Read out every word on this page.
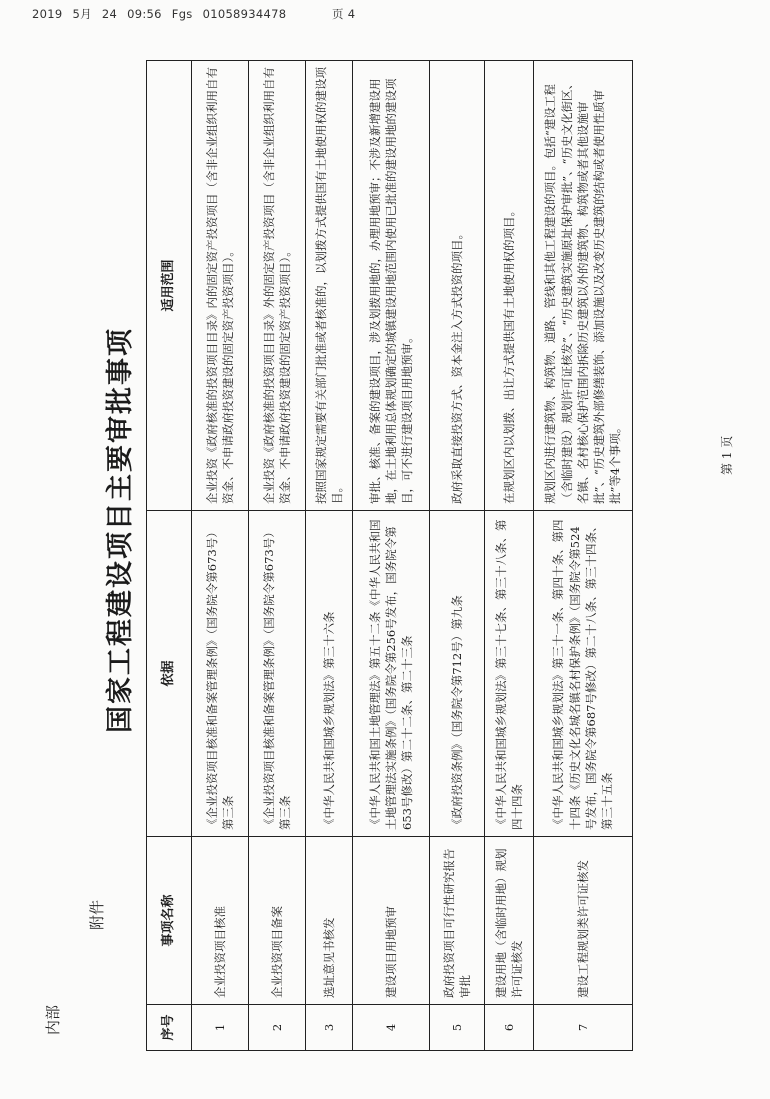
2019 5月 24 09:56 Fgs 01058934478	页 4
内部
附件
国家工程建设项目主要审批事项
序号	事项名称	依据	适用范围
1	企业投资项目核准	《企业投资项目核准和备案管理条例》（国务院令第673号）第三条	企业投资《政府核准的投资项目目录》内的固定资产投资项目（含非企业组织利用自有资金、不申请政府投资建设的固定资产投资项目）。
2	企业投资项目备案	《企业投资项目核准和备案管理条例》（国务院令第673号）第三条	企业投资《政府核准的投资项目目录》外的固定资产投资项目（含非企业组织利用自有资金、不申请政府投资建设的固定资产投资项目）。
3	选址意见书核发	《中华人民共和国城乡规划法》第三十六条	按照国家规定需要有关部门批准或者核准的，以划拨方式提供国有土地使用权的建设项目。
4	建设项目用地预审	《中华人民共和国土地管理法》第五十二条《中华人民共和国土地管理法实施条例》（国务院令第256号发布，国务院令第653号修改）第二十二条、第二十三条	审批、核准、备案的建设项目，涉及划拨用地的，办理用地预审；不涉及新增建设用地，在土地利用总体规划确定的城镇建设用地范围内使用已批准的建设用地的建设项目，可不进行建设项目用地预审。
5	政府投资项目可行性研究报告审批	《政府投资条例》（国务院令第712号）第九条	政府采取直接投资方式、资本金注入方式投资的项目。
6	建设用地（含临时用地）规划许可证核发	《中华人民共和国城乡规划法》第三十七条、第三十八条、第四十四条	在规划区内以划拨、出让方式提供国有土地使用权的项目。
7	建设工程规划类许可证核发	《中华人民共和国城乡规划法》第三十一条、第四十条、第四十四条《历史文化名城名镇名村保护条例》（国务院令第524号发布，国务院令第687号修改）第二十八条、第三十四条、第三十五条	规划区内进行建筑物、构筑物、道路、管线和其他工程建设的项目。包括“建设工程（含临时建设）规划许可证核发”、“历史建筑实施原址保护审批”、“历史文化街区、名镇、名村核心保护范围内拆除历史建筑以外的建筑物、构筑物或者其他设施审批”、“历史建筑外部修缮装饰、添加设施以及改变历史建筑的结构或者使用性质审批”等4个事项。	第 1 页
